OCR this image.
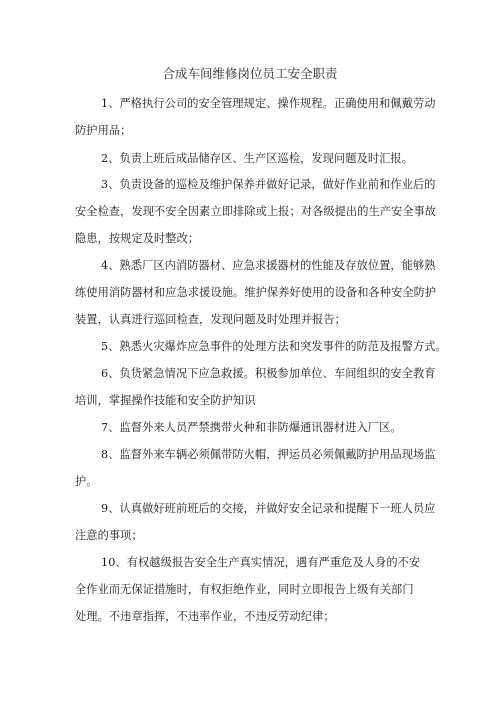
合成车间维修岗位员工安全职责
1、严格执行公司的安全管理规定、操作规程。正确使用和佩戴劳动
防护用品；
2、负责上班后成品储存区、生产区巡检，发现问题及时汇报。
3、负责设备的巡检及维护保养并做好记录，做好作业前和作业后的
安全检查，发现不安全因素立即排除或上报；对各级提出的生产安全事故
隐患，按规定及时整改；
4、熟悉厂区内消防器材、应急求援器材的性能及存放位置，能够熟
练使用消防器材和应急求援设施。维护保养好使用的设备和各种安全防护
装置，认真进行巡回检查，发现问题及时处理并报告；
5、熟悉火灾爆炸应急事件的处理方法和突发事件的防范及报警方式。
6、负货紧急情况下应急救援。积极参加单位、车间组织的安全教育
培训，掌握操作技能和安全防护知识
7、监督外来人员严禁携带火种和非防爆通讯器材进入厂区。
8、监督外来车辆必须佩带防火帽，押运员必须佩戴防护用品现场监
护。
9、认真做好班前班后的交接，并做好安全记录和提醒下一班人员应
注意的事项；
10、有权越级报告安全生产真实情况，遇有严重危及人身的不安
全作业而无保证措施时，有权拒绝作业，同时立即报告上级有关部门
处理。不违章指挥，不违率作业，不违反劳动纪律；
